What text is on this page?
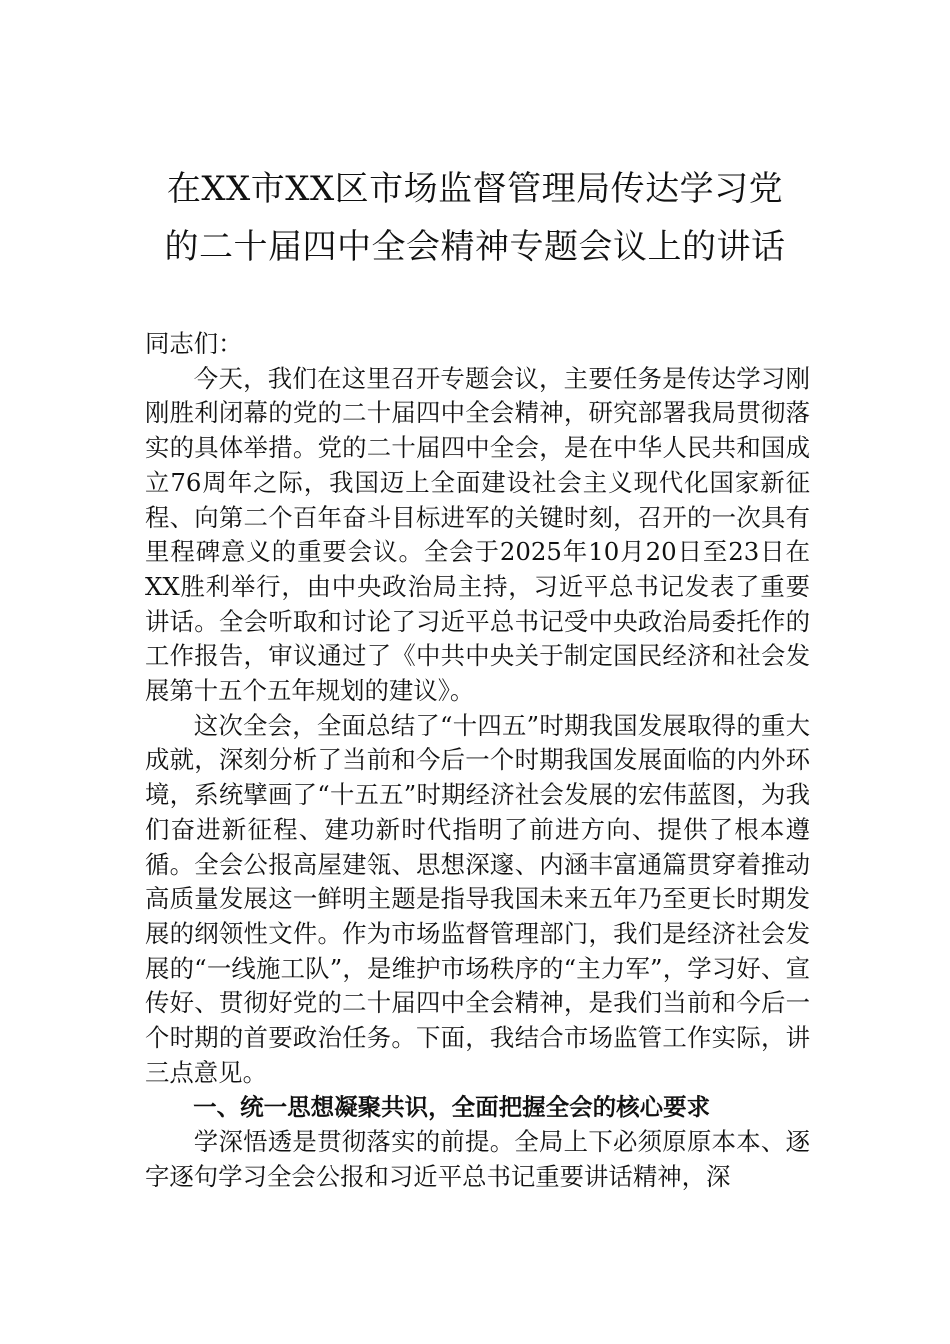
在XX市XX区市场监督管理局传达学习党
的二十届四中全会精神专题会议上的讲话

同志们：

今天，我们在这里召开专题会议，主要任务是传达学习刚刚胜利闭幕的党的二十届四中全会精神，研究部署我局贯彻落实的具体举措。党的二十届四中全会，是在中华人民共和国成立76周年之际，我国迈上全面建设社会主义现代化国家新征程、向第二个百年奋斗目标进军的关键时刻，召开的一次具有里程碑意义的重要会议。全会于2025年10月20日至23日在XX胜利举行，由中央政治局主持，习近平总书记发表了重要讲话。全会听取和讨论了习近平总书记受中央政治局委托作的工作报告，审议通过了《中共中央关于制定国民经济和社会发展第十五个五年规划的建议》。

这次全会，全面总结了“十四五”时期我国发展取得的重大成就，深刻分析了当前和今后一个时期我国发展面临的内外环境，系统擘画了“十五五”时期经济社会发展的宏伟蓝图，为我们奋进新征程、建功新时代指明了前进方向、提供了根本遵循。全会公报高屋建瓴、思想深邃、内涵丰富通篇贯穿着推动高质量发展这一鲜明主题是指导我国未来五年乃至更长时期发展的纲领性文件。作为市场监督管理部门，我们是经济社会发展的“一线施工队”，是维护市场秩序的“主力军”，学习好、宣传好、贯彻好党的二十届四中全会精神，是我们当前和今后一个时期的首要政治任务。下面，我结合市场监管工作实际，讲三点意见。

一、统一思想凝聚共识，全面把握全会的核心要求

学深悟透是贯彻落实的前提。全局上下必须原原本本、逐字逐句学习全会公报和习近平总书记重要讲话精神，深
